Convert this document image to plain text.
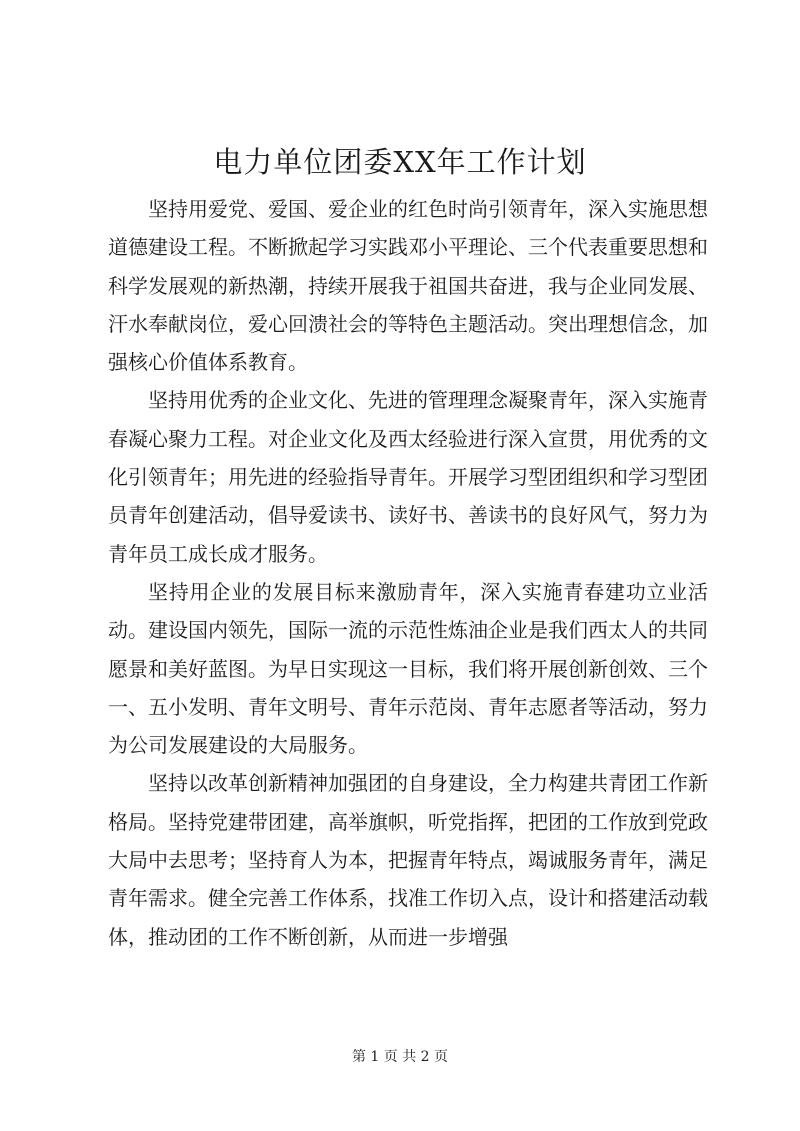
电力单位团委XX年工作计划

坚持用爱党、爱国、爱企业的红色时尚引领青年，深入实施思想道德建设工程。不断掀起学习实践邓小平理论、三个代表重要思想和科学发展观的新热潮，持续开展我于祖国共奋进，我与企业同发展、汗水奉献岗位，爱心回溃社会的等特色主题活动。突出理想信念，加强核心价值体系教育。

坚持用优秀的企业文化、先进的管理理念凝聚青年，深入实施青春凝心聚力工程。对企业文化及西太经验进行深入宣贯，用优秀的文化引领青年；用先进的经验指导青年。开展学习型团组织和学习型团员青年创建活动，倡导爱读书、读好书、善读书的良好风气，努力为青年员工成长成才服务。

坚持用企业的发展目标来激励青年，深入实施青春建功立业活动。建设国内领先，国际一流的示范性炼油企业是我们西太人的共同愿景和美好蓝图。为早日实现这一目标，我们将开展创新创效、三个一、五小发明、青年文明号、青年示范岗、青年志愿者等活动，努力为公司发展建设的大局服务。

坚持以改革创新精神加强团的自身建设，全力构建共青团工作新格局。坚持党建带团建，高举旗帜，听党指挥，把团的工作放到党政大局中去思考；坚持育人为本，把握青年特点，竭诚服务青年，满足青年需求。健全完善工作体系，找准工作切入点，设计和搭建活动载体，推动团的工作不断创新，从而进一步增强

第 1 页 共 2 页
